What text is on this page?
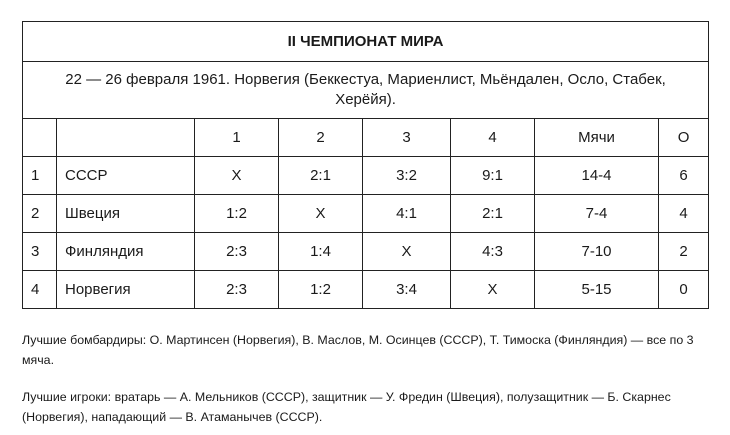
II ЧЕМПИОНАТ МИРА							
22 — 26 февраля 1961. Норвегия (Беккестуа, Мариенлист, Мьёндален, Осло, Стабек, Херёйя).							
		1	2	3	4	Мячи	О
1	СССР	Х	2:1	3:2	9:1	14-4	6
2	Швеция	1:2	Х	4:1	2:1	7-4	4
3	Финляндия	2:3	1:4	Х	4:3	7-10	2
4	Норвегия	2:3	1:2	3:4	Х	5-15	0
Лучшие бомбардиры: О. Мартинсен (Норвегия), В. Маслов, М. Осинцев (СССР), Т. Тимоска (Финляндия) — все по 3 мяча.
Лучшие игроки: вратарь — А. Мельников (СССР), защитник — У. Фредин (Швеция), полузащитник — Б. Скарнес (Норвегия), нападающий — В. Атаманычев (СССР).
